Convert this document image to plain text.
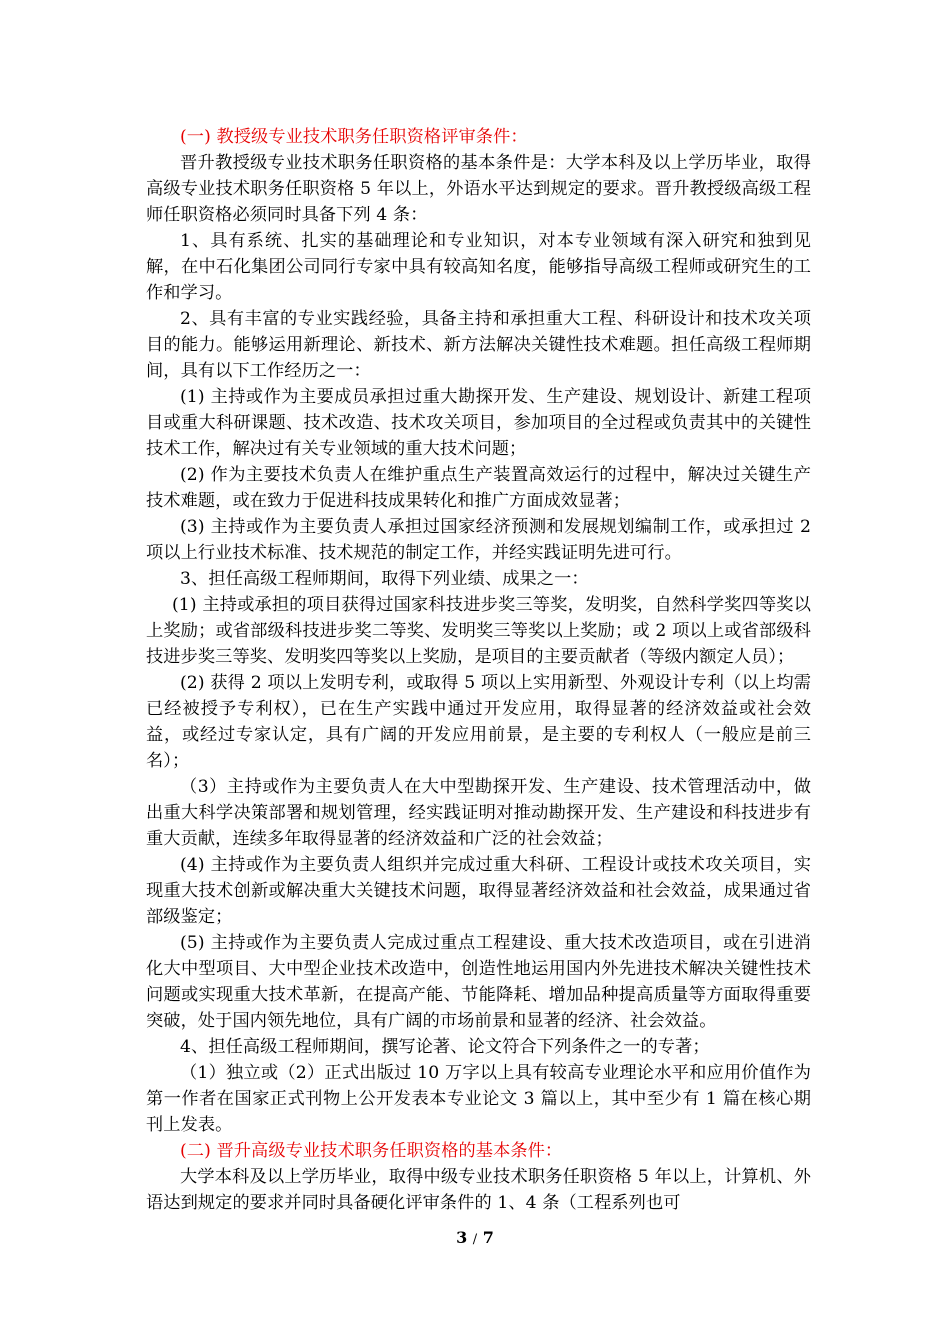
(一) 教授级专业技术职务任职资格评审条件：

晋升教授级专业技术职务任职资格的基本条件是：大学本科及以上学历毕业，取得高级专业技术职务任职资格 5 年以上，外语水平达到规定的要求。晋升教授级高级工程师任职资格必须同时具备下列 4 条：

1、具有系统、扎实的基础理论和专业知识，对本专业领域有深入研究和独到见解，在中石化集团公司同行专家中具有较高知名度，能够指导高级工程师或研究生的工作和学习。

2、具有丰富的专业实践经验，具备主持和承担重大工程、科研设计和技术攻关项目的能力。能够运用新理论、新技术、新方法解决关键性技术难题。担任高级工程师期间，具有以下工作经历之一：

(1) 主持或作为主要成员承担过重大勘探开发、生产建设、规划设计、新建工程项目或重大科研课题、技术改造、技术攻关项目，参加项目的全过程或负责其中的关键性技术工作，解决过有关专业领域的重大技术问题；

(2) 作为主要技术负责人在维护重点生产装置高效运行的过程中，解决过关键生产技术难题，或在致力于促进科技成果转化和推广方面成效显著；

(3) 主持或作为主要负责人承担过国家经济预测和发展规划编制工作，或承担过 2 项以上行业技术标准、技术规范的制定工作，并经实践证明先进可行。

3、担任高级工程师期间，取得下列业绩、成果之一：

(1) 主持或承担的项目获得过国家科技进步奖三等奖，发明奖，自然科学奖四等奖以上奖励；或省部级科技进步奖二等奖、发明奖三等奖以上奖励；或 2 项以上或省部级科技进步奖三等奖、发明奖四等奖以上奖励，是项目的主要贡献者（等级内额定人员）；

(2) 获得 2 项以上发明专利，或取得 5 项以上实用新型、外观设计专利（以上均需已经被授予专利权），已在生产实践中通过开发应用，取得显著的经济效益或社会效益，或经过专家认定，具有广阔的开发应用前景，是主要的专利权人（一般应是前三名）；

（3）主持或作为主要负责人在大中型勘探开发、生产建设、技术管理活动中，做出重大科学决策部署和规划管理，经实践证明对推动勘探开发、生产建设和科技进步有重大贡献，连续多年取得显著的经济效益和广泛的社会效益；

(4) 主持或作为主要负责人组织并完成过重大科研、工程设计或技术攻关项目，实现重大技术创新或解决重大关键技术问题，取得显著经济效益和社会效益，成果通过省部级鉴定；

(5) 主持或作为主要负责人完成过重点工程建设、重大技术改造项目，或在引进消化大中型项目、大中型企业技术改造中，创造性地运用国内外先进技术解决关键性技术问题或实现重大技术革新，在提高产能、节能降耗、增加品种提高质量等方面取得重要突破，处于国内领先地位，具有广阔的市场前景和显著的经济、社会效益。

4、担任高级工程师期间，撰写论著、论文符合下列条件之一的专著；

（1）独立或（2）正式出版过 10 万字以上具有较高专业理论水平和应用价值作为第一作者在国家正式刊物上公开发表本专业论文 3 篇以上，其中至少有 1 篇在核心期刊上发表。

(二) 晋升高级专业技术职务任职资格的基本条件：

大学本科及以上学历毕业，取得中级专业技术职务任职资格 5 年以上，计算机、外语达到规定的要求并同时具备硬化评审条件的 1、4 条（工程系列也可

3 / 7
